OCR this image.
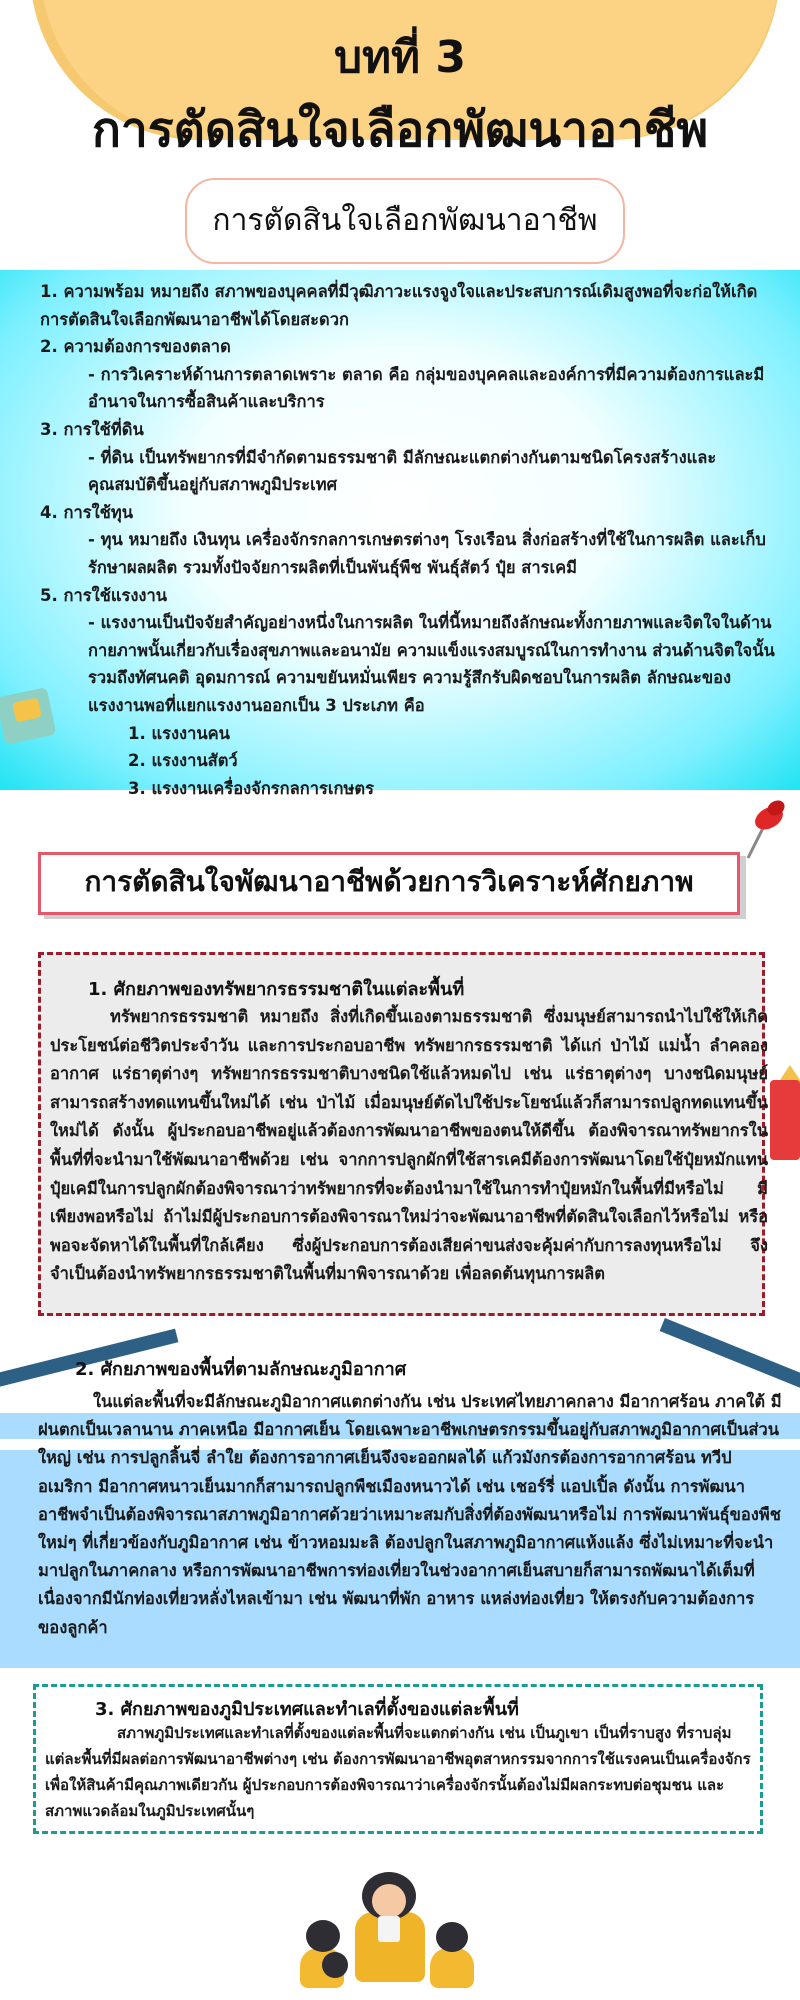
บทที่ 3
การตัดสินใจเลือกพัฒนาอาชีพ
การตัดสินใจเลือกพัฒนาอาชีพ

1. ความพร้อม หมายถึง สภาพของบุคคลที่มีวุฒิภาวะแรงจูงใจและประสบการณ์เดิมสูงพอที่จะก่อให้เกิดการตัดสินใจเลือกพัฒนาอาชีพได้โดยสะดวก

2. ความต้องการของตลาด

- การวิเคราะห์ด้านการตลาดเพราะ ตลาด คือ กลุ่มของบุคคลและองค์การที่มีความต้องการและมีอำนาจในการซื้อสินค้าและบริการ

3. การใช้ที่ดิน

- ที่ดิน เป็นทรัพยากรที่มีจำกัดตามธรรมชาติ มีลักษณะแตกต่างกันตามชนิดโครงสร้างและคุณสมบัติขึ้นอยู่กับสภาพภูมิประเทศ

4. การใช้ทุน

- ทุน หมายถึง เงินทุน เครื่องจักรกลการเกษตรต่างๆ โรงเรือน สิ่งก่อสร้างที่ใช้ในการผลิต และเก็บรักษาผลผลิต รวมทั้งปัจจัยการผลิตที่เป็นพันธุ์พืช พันธุ์สัตว์ ปุ๋ย สารเคมี

5. การใช้แรงงาน

- แรงงานเป็นปัจจัยสำคัญอย่างหนึ่งในการผลิต ในที่นี้หมายถึงลักษณะทั้งกายภาพและจิตใจในด้านกายภาพนั้นเกี่ยวกับเรื่องสุขภาพและอนามัย ความแข็งแรงสมบูรณ์ในการทำงาน ส่วนด้านจิตใจนั้นรวมถึงทัศนคติ อุดมการณ์ ความขยันหมั่นเพียร ความรู้สึกรับผิดชอบในการผลิต ลักษณะของแรงงานพอที่แยกแรงงานออกเป็น 3 ประเภท คือ

1. แรงงานคน

2. แรงงานสัตว์

3. แรงงานเครื่องจักรกลการเกษตร

การตัดสินใจพัฒนาอาชีพด้วยการวิเคราะห์ศักยภาพ
1. ศักยภาพของทรัพยากรธรรมชาติในแต่ละพื้นที่

ทรัพยากรธรรมชาติ หมายถึง สิ่งที่เกิดขึ้นเองตามธรรมชาติ ซึ่งมนุษย์สามารถนำไปใช้ให้เกิดประโยชน์ต่อชีวิตประจำวัน และการประกอบอาชีพ ทรัพยากรธรรมชาติ ได้แก่ ป่าไม้ แม่น้ำ ลำคลอง อากาศ แร่ธาตุต่างๆ ทรัพยากรธรรมชาติบางชนิดใช้แล้วหมดไป เช่น แร่ธาตุต่างๆ บางชนิดมนุษย์สามารถสร้างทดแทนขึ้นใหม่ได้ เช่น ป่าไม้ เมื่อมนุษย์ตัดไปใช้ประโยชน์แล้วก็สามารถปลูกทดแทนขึ้นใหม่ได้ ดังนั้น ผู้ประกอบอาชีพอยู่แล้วต้องการพัฒนาอาชีพของตนให้ดีขึ้น ต้องพิจารณาทรัพยากรในพื้นที่ที่จะนำมาใช้พัฒนาอาชีพด้วย เช่น จากการปลูกผักที่ใช้สารเคมีต้องการพัฒนาโดยใช้ปุ๋ยหมักแทนปุ๋ยเคมีในการปลูกผักต้องพิจารณาว่าทรัพยากรที่จะต้องนำมาใช้ในการทำปุ๋ยหมักในพื้นที่มีหรือไม่ มีเพียงพอหรือไม่ ถ้าไม่มีผู้ประกอบการต้องพิจารณาใหม่ว่าจะพัฒนาอาชีพที่ตัดสินใจเลือกไว้หรือไม่ หรือพอจะจัดหาได้ในพื้นที่ใกล้เคียง ซึ่งผู้ประกอบการต้องเสียค่าขนส่งจะคุ้มค่ากับการลงทุนหรือไม่ จึงจำเป็นต้องนำทรัพยากรธรรมชาติในพื้นที่มาพิจารณาด้วย เพื่อลดต้นทุนการผลิต

2. ศักยภาพของพื้นที่ตามลักษณะภูมิอากาศ

ในแต่ละพื้นที่จะมีลักษณะภูมิอากาศแตกต่างกัน เช่น ประเทศไทยภาคกลาง มีอากาศร้อน ภาคใต้ มีฝนตกเป็นเวลานาน ภาคเหนือ มีอากาศเย็น โดยเฉพาะอาชีพเกษตรกรรมขึ้นอยู่กับสภาพภูมิอากาศเป็นส่วนใหญ่ เช่น การปลูกลิ้นจี่ ลำใย ต้องการอากาศเย็นจึงจะออกผลได้ แก้วมังกรต้องการอากาศร้อน ทวีปอเมริกา มีอากาศหนาวเย็นมากก็สามารถปลูกพืชเมืองหนาวได้ เช่น เชอร์รี่ แอปเปิ้ล ดังนั้น การพัฒนาอาชีพจำเป็นต้องพิจารณาสภาพภูมิอากาศด้วยว่าเหมาะสมกับสิ่งที่ต้องพัฒนาหรือไม่ การพัฒนาพันธุ์ของพืชใหม่ๆ ที่เกี่ยวข้องกับภูมิอากาศ เช่น ข้าวหอมมะลิ ต้องปลูกในสภาพภูมิอากาศแห้งแล้ง ซึ่งไม่เหมาะที่จะนำมาปลูกในภาคกลาง หรือการพัฒนาอาชีพการท่องเที่ยวในช่วงอากาศเย็นสบายก็สามารถพัฒนาได้เต็มที่ เนื่องจากมีนักท่องเที่ยวหลั่งไหลเข้ามา เช่น พัฒนาที่พัก อาหาร แหล่งท่องเที่ยว ให้ตรงกับความต้องการของลูกค้า

3. ศักยภาพของภูมิประเทศและทำเลที่ตั้งของแต่ละพื้นที่

สภาพภูมิประเทศและทำเลที่ตั้งของแต่ละพื้นที่จะแตกต่างกัน เช่น เป็นภูเขา เป็นที่ราบสูง ที่ราบลุ่ม แต่ละพื้นที่มีผลต่อการพัฒนาอาชีพต่างๆ เช่น ต้องการพัฒนาอาชีพอุตสาหกรรมจากการใช้แรงคนเป็นเครื่องจักร เพื่อให้สินค้ามีคุณภาพเดียวกัน ผู้ประกอบการต้องพิจารณาว่าเครื่องจักรนั้นต้องไม่มีผลกระทบต่อชุมชน และสภาพแวดล้อมในภูมิประเทศนั้นๆ
